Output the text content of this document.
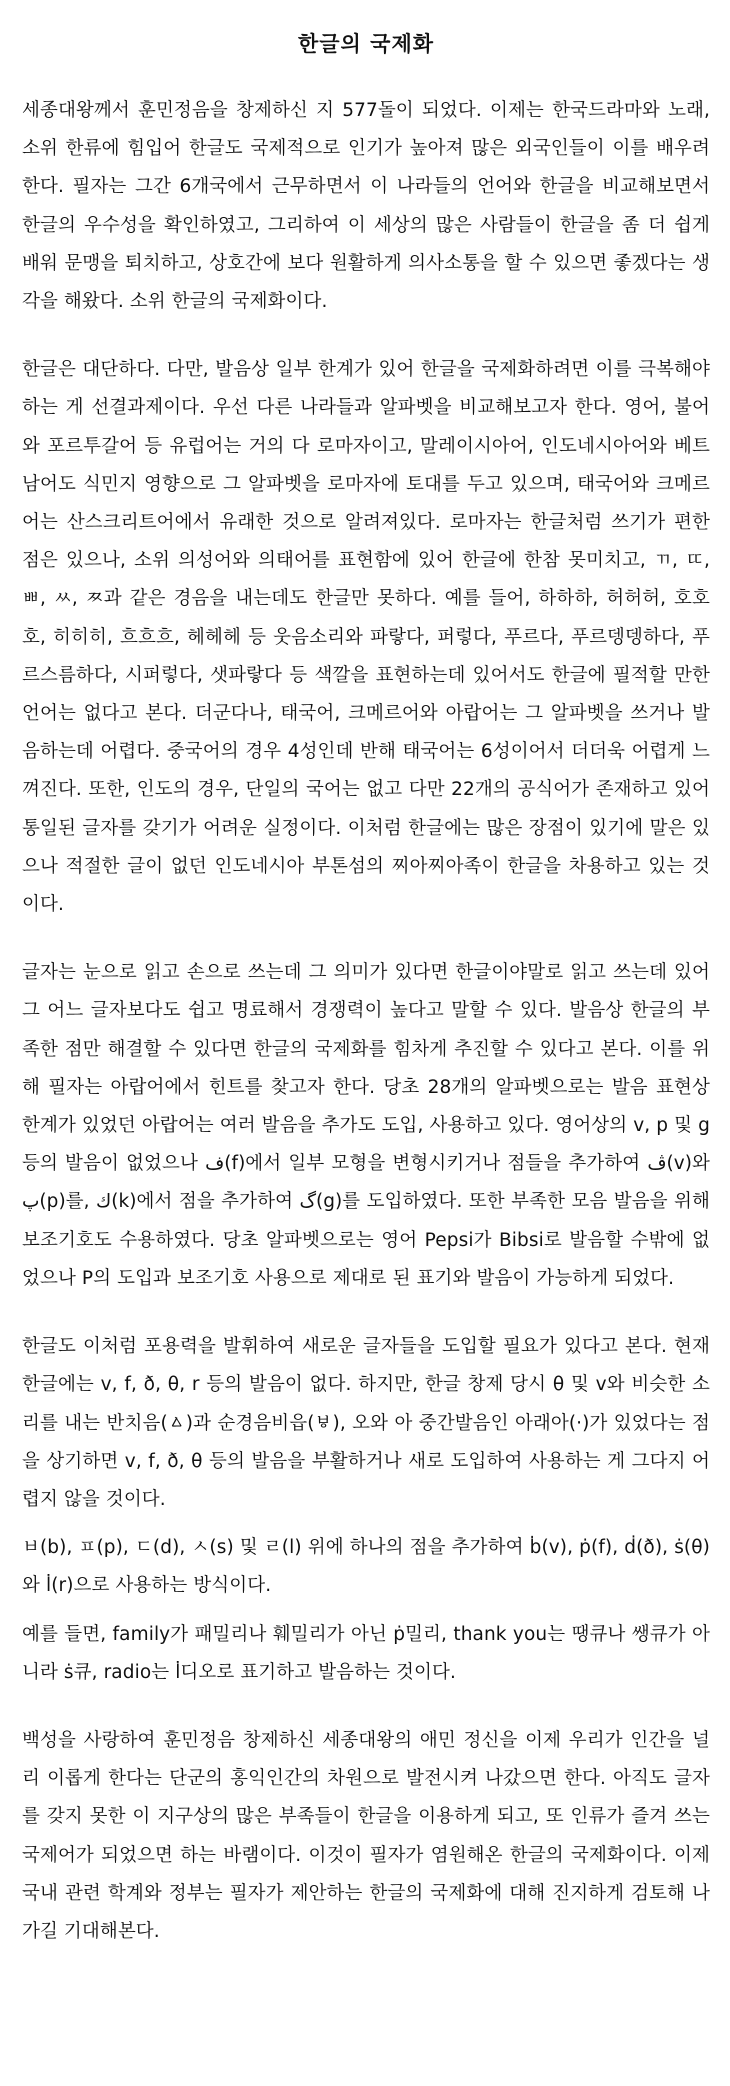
한글의 국제화

세종대왕께서 훈민정음을 창제하신 지 577돌이 되었다. 이제는 한국드라마와 노래, 소위 한류에 힘입어 한글도 국제적으로 인기가 높아져 많은 외국인들이 이를 배우려 한다. 필자는 그간 6개국에서 근무하면서 이 나라들의 언어와 한글을 비교해보면서 한글의 우수성을 확인하였고, 그리하여 이 세상의 많은 사람들이 한글을 좀 더 쉽게 배워 문맹을 퇴치하고, 상호간에 보다 원활하게 의사소통을 할 수 있으면 좋겠다는 생각을 해왔다. 소위 한글의 국제화이다.

한글은 대단하다. 다만, 발음상 일부 한계가 있어 한글을 국제화하려면 이를 극복해야 하는 게 선결과제이다. 우선 다른 나라들과 알파벳을 비교해보고자 한다. 영어, 불어와 포르투갈어 등 유럽어는 거의 다 로마자이고, 말레이시아어, 인도네시아어와 베트남어도 식민지 영향으로 그 알파벳을 로마자에 토대를 두고 있으며, 태국어와 크메르어는 산스크리트어에서 유래한 것으로 알려져있다. 로마자는 한글처럼 쓰기가 편한 점은 있으나, 소위 의성어와 의태어를 표현함에 있어 한글에 한참 못미치고, ㄲ, ㄸ, ㅃ, ㅆ, ㅉ과 같은 경음을 내는데도 한글만 못하다. 예를 들어, 하하하, 허허허, 호호호, 히히히, 흐흐흐, 헤헤헤 등 웃음소리와 파랗다, 퍼렇다, 푸르다, 푸르뎅뎅하다, 푸르스름하다, 시퍼렇다, 샛파랗다 등 색깔을 표현하는데 있어서도 한글에 필적할 만한 언어는 없다고 본다. 더군다나, 태국어, 크메르어와 아랍어는 그 알파벳을 쓰거나 발음하는데 어렵다. 중국어의 경우 4성인데 반해 태국어는 6성이어서 더더욱 어렵게 느껴진다. 또한, 인도의 경우, 단일의 국어는 없고 다만 22개의 공식어가 존재하고 있어 통일된 글자를 갖기가 어려운 실정이다. 이처럼 한글에는 많은 장점이 있기에 말은 있으나 적절한 글이 없던 인도네시아 부톤섬의 찌아찌아족이 한글을 차용하고 있는 것이다.

글자는 눈으로 읽고 손으로 쓰는데 그 의미가 있다면 한글이야말로 읽고 쓰는데 있어 그 어느 글자보다도 쉽고 명료해서 경쟁력이 높다고 말할 수 있다. 발음상 한글의 부족한 점만 해결할 수 있다면 한글의 국제화를 힘차게 추진할 수 있다고 본다. 이를 위해 필자는 아랍어에서 힌트를 찾고자 한다. 당초 28개의 알파벳으로는 발음 표현상 한계가 있었던 아랍어는 여러 발음을 추가도 도입, 사용하고 있다. 영어상의 v, p 및 g 등의 발음이 없었으나 ف(f)에서 일부 모형을 변형시키거나 점들을 추가하여 ڤ(v)와 پ(p)를, ك(k)에서 점을 추가하여 گ(g)를 도입하였다. 또한 부족한 모음 발음을 위해 보조기호도 수용하였다. 당초 알파벳으로는 영어 Pepsi가 Bibsi로 발음할 수밖에 없었으나 P의 도입과 보조기호 사용으로 제대로 된 표기와 발음이 가능하게 되었다.

한글도 이처럼 포용력을 발휘하여 새로운 글자들을 도입할 필요가 있다고 본다. 현재 한글에는 v, f, ð, θ, r 등의 발음이 없다. 하지만, 한글 창제 당시 θ 및 v와 비슷한 소리를 내는 반치음(ㅿ)과 순경음비읍(ㅸ), 오와 아 중간발음인 아래아(·)가 있었다는 점을 상기하면 v, f, ð, θ 등의 발음을 부활하거나 새로 도입하여 사용하는 게 그다지 어렵지 않을 것이다.

ㅂ(b), ㅍ(p), ㄷ(d), ㅅ(s) 및 ㄹ(l) 위에 하나의 점을 추가하여 ḃ(v), ṗ(f), ḋ(ð), ṡ(θ)와 l̇(r)으로 사용하는 방식이다.

예를 들면, family가 패밀리나 훼밀리가 아닌 ṗ밀리, thank you는 땡큐나 쌩큐가 아니라 ṡ큐, radio는 l̇디오로 표기하고 발음하는 것이다.

백성을 사랑하여 훈민정음 창제하신 세종대왕의 애민 정신을 이제 우리가 인간을 널리 이롭게 한다는 단군의 홍익인간의 차원으로 발전시켜 나갔으면 한다. 아직도 글자를 갖지 못한 이 지구상의 많은 부족들이 한글을 이용하게 되고, 또 인류가 즐겨 쓰는 국제어가 되었으면 하는 바램이다. 이것이 필자가 염원해온 한글의 국제화이다. 이제 국내 관련 학계와 정부는 필자가 제안하는 한글의 국제화에 대해 진지하게 검토해 나가길 기대해본다.
